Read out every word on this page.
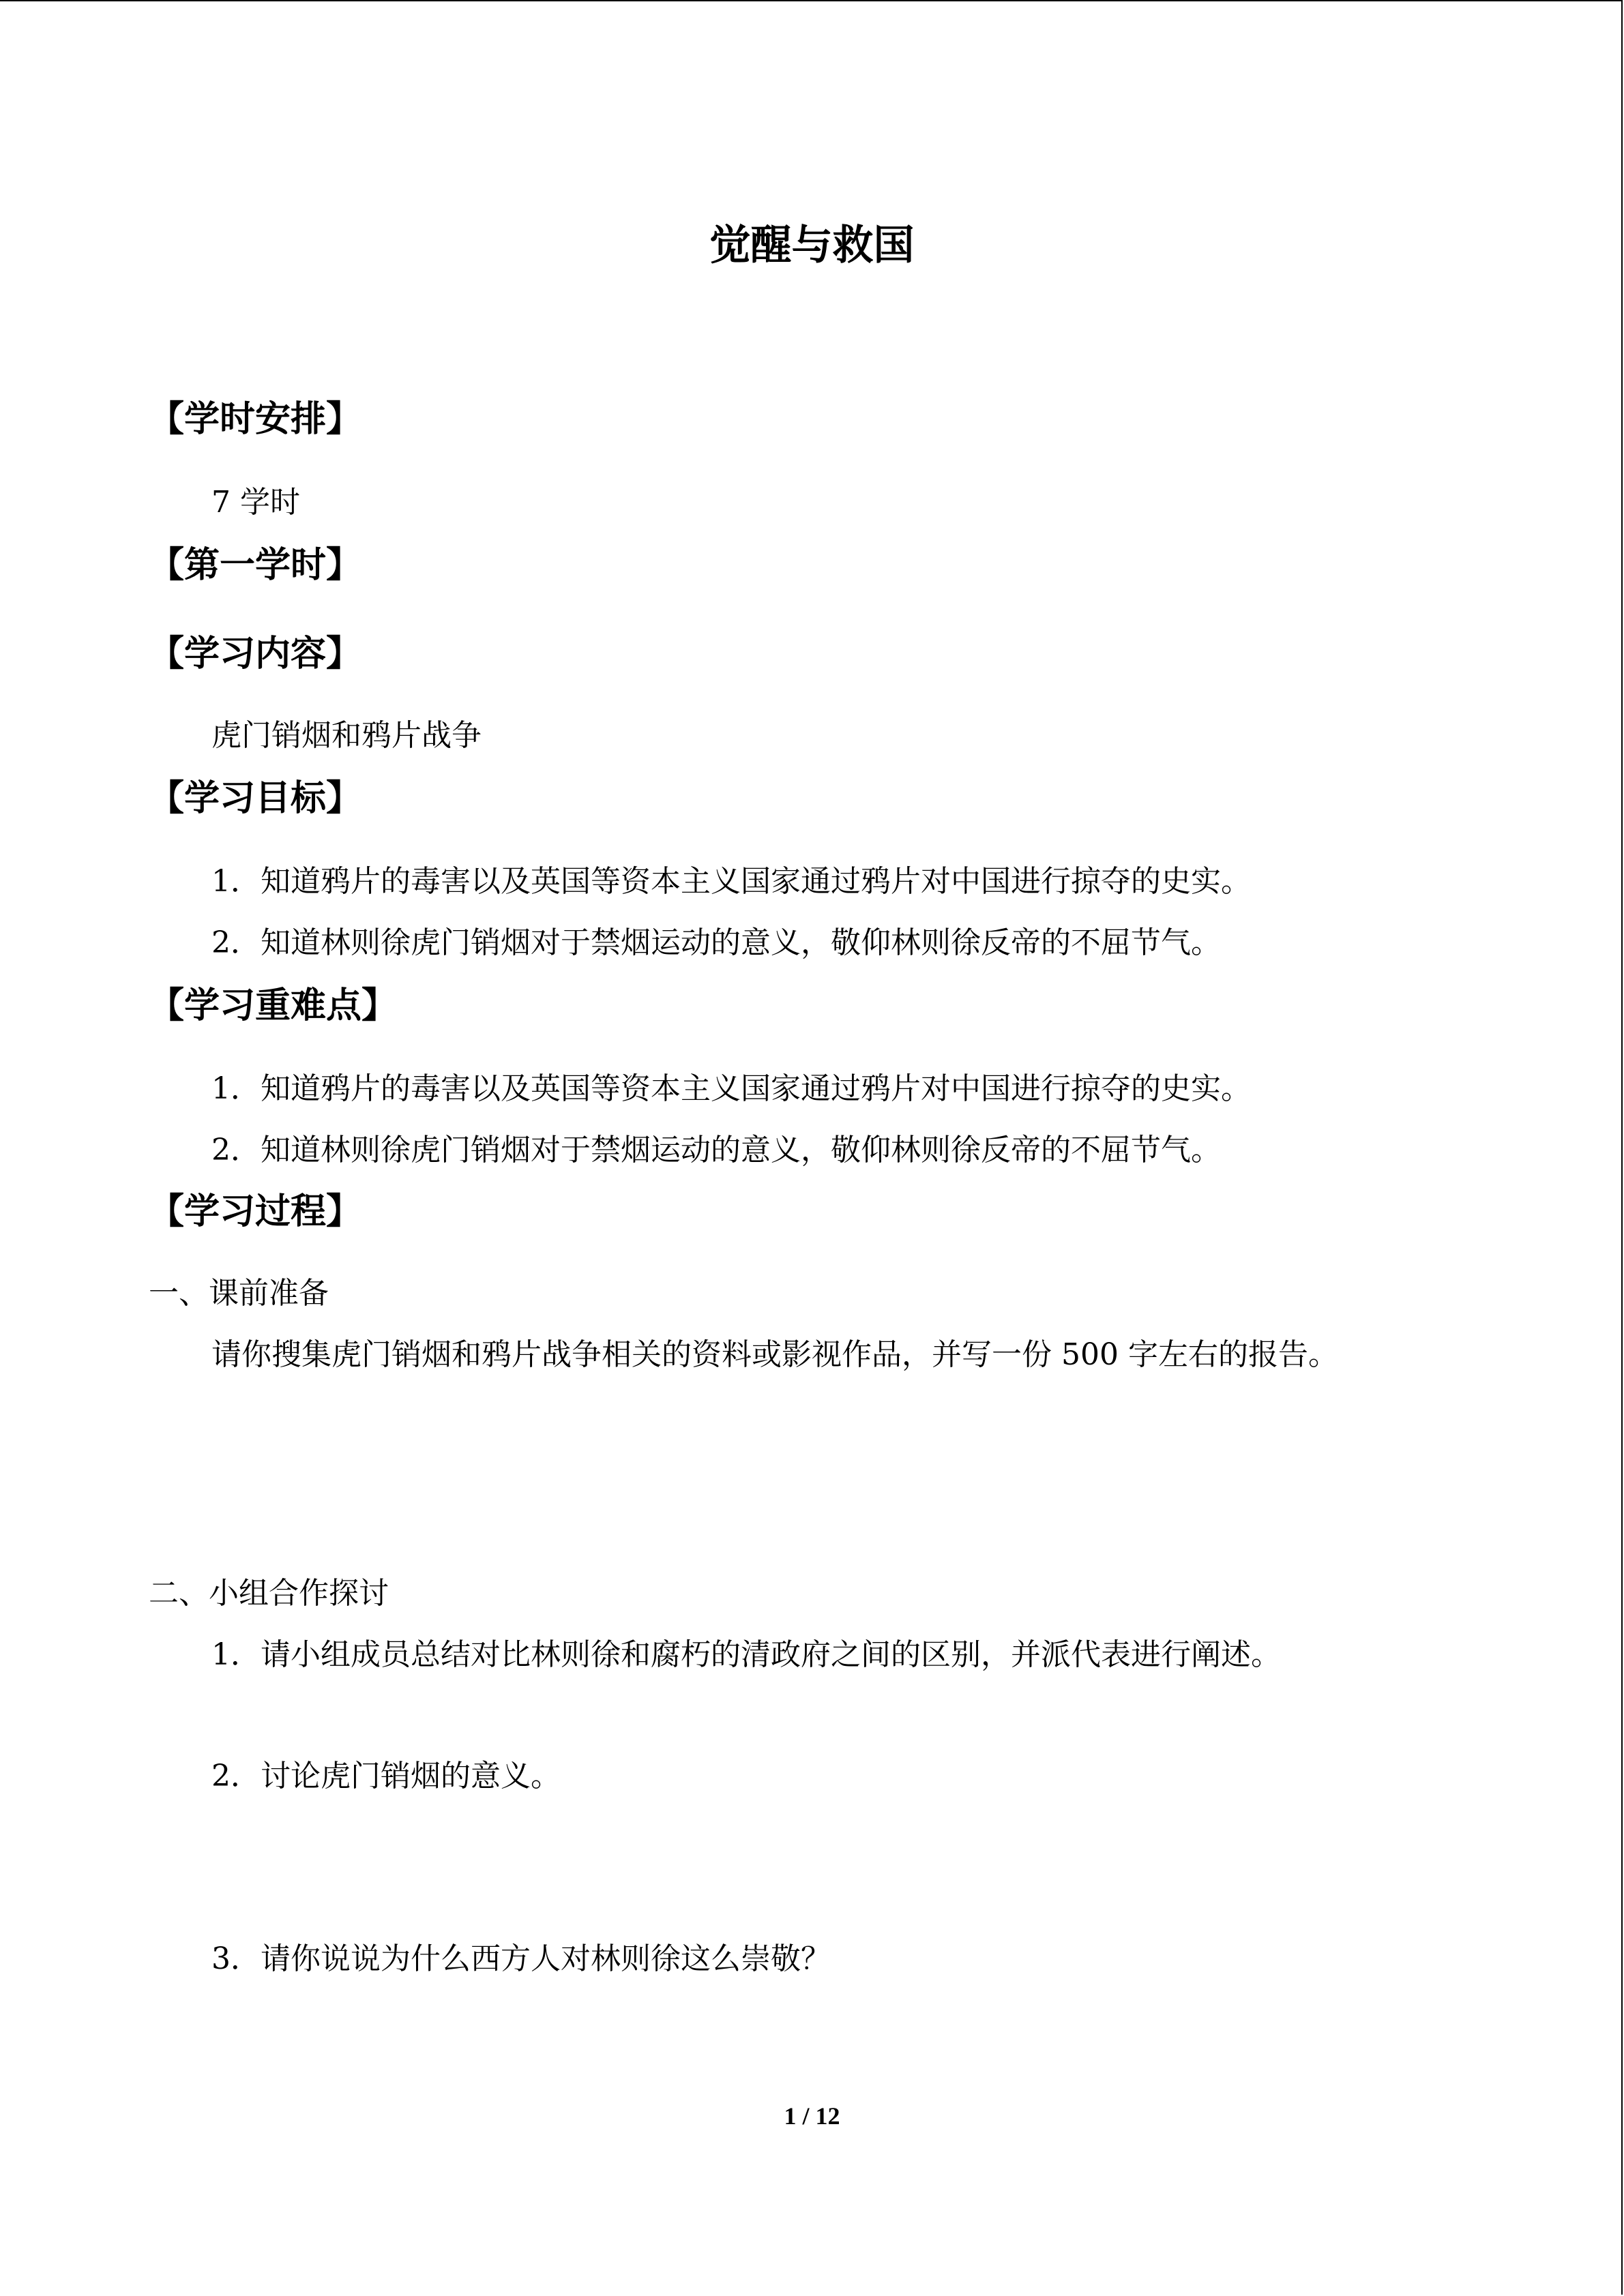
觉醒与救国
【学时安排】
7 学时
【第一学时】
【学习内容】
虎门销烟和鸦片战争
【学习目标】
1．知道鸦片的毒害以及英国等资本主义国家通过鸦片对中国进行掠夺的史实。
2．知道林则徐虎门销烟对于禁烟运动的意义，敬仰林则徐反帝的不屈节气。
【学习重难点】
1．知道鸦片的毒害以及英国等资本主义国家通过鸦片对中国进行掠夺的史实。
2．知道林则徐虎门销烟对于禁烟运动的意义，敬仰林则徐反帝的不屈节气。
【学习过程】
一、课前准备
请你搜集虎门销烟和鸦片战争相关的资料或影视作品，并写一份 500 字左右的报告。
二、小组合作探讨
1．请小组成员总结对比林则徐和腐朽的清政府之间的区别，并派代表进行阐述。
2．讨论虎门销烟的意义。
3．请你说说为什么西方人对林则徐这么崇敬？
1 / 12
